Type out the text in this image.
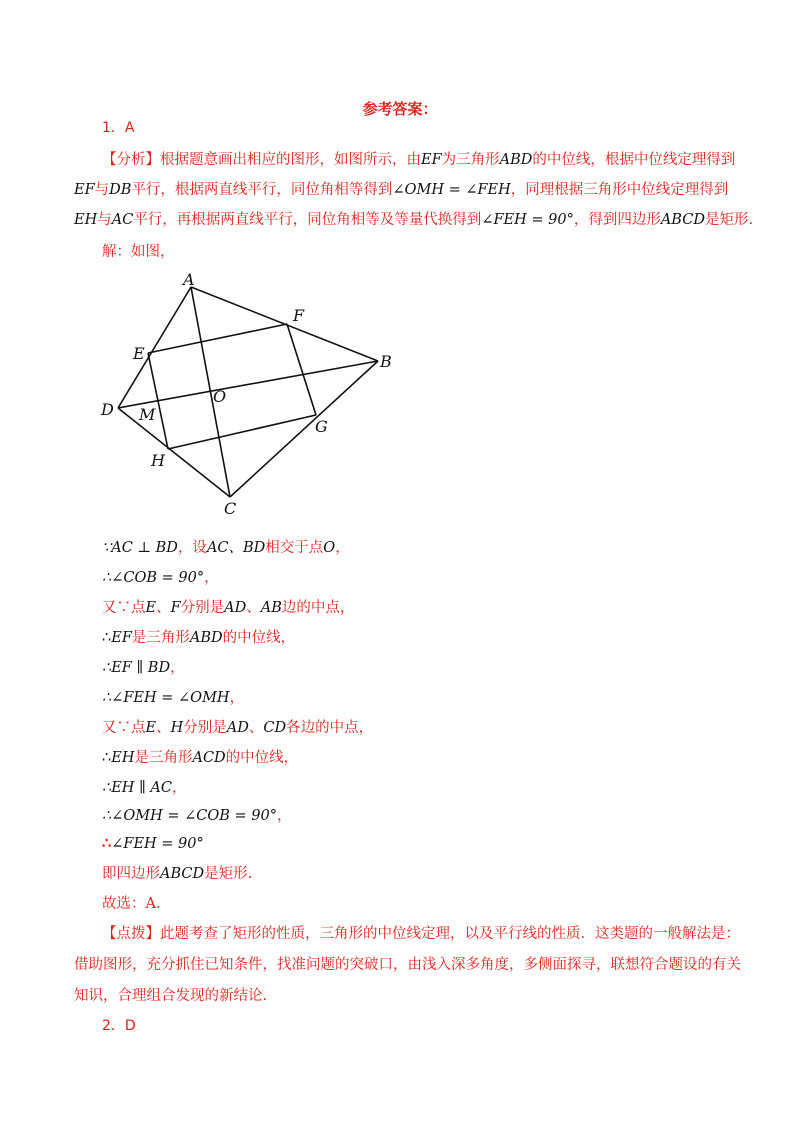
参考答案：
1．A
【分析】根据题意画出相应的图形，如图所示，由EF为三角形ABD的中位线，根据中位线定理得到
EF与DB平行，根据两直线平行，同位角相等得到∠OMH = ∠FEH，同理根据三角形中位线定理得到
EH与AC平行，再根据两直线平行，同位角相等及等量代换得到∠FEH = 90°，得到四边形ABCD是矩形.
解：如图，
A
F
E	B
O
D M
G
H
C
∵AC ⊥ BD，设AC、BD相交于点O，
∴∠COB = 90°，
又∵点E、F分别是AD、AB边的中点，
∴EF是三角形ABD的中位线，
∴EF ∥ BD，
∴∠FEH = ∠OMH，
又∵点E、H分别是AD、CD各边的中点，
∴EH是三角形ACD的中位线，
∴EH ∥ AC，
∴∠OMH = ∠COB = 90°，
∴∠FEH = 90°
即四边形ABCD是矩形.
故选：A.
【点拨】此题考查了矩形的性质，三角形的中位线定理，以及平行线的性质．这类题的一般解法是：
借助图形，充分抓住已知条件，找准问题的突破口，由浅入深多角度，多侧面探寻，联想符合题设的有关
知识，合理组合发现的新结论.
2．D
